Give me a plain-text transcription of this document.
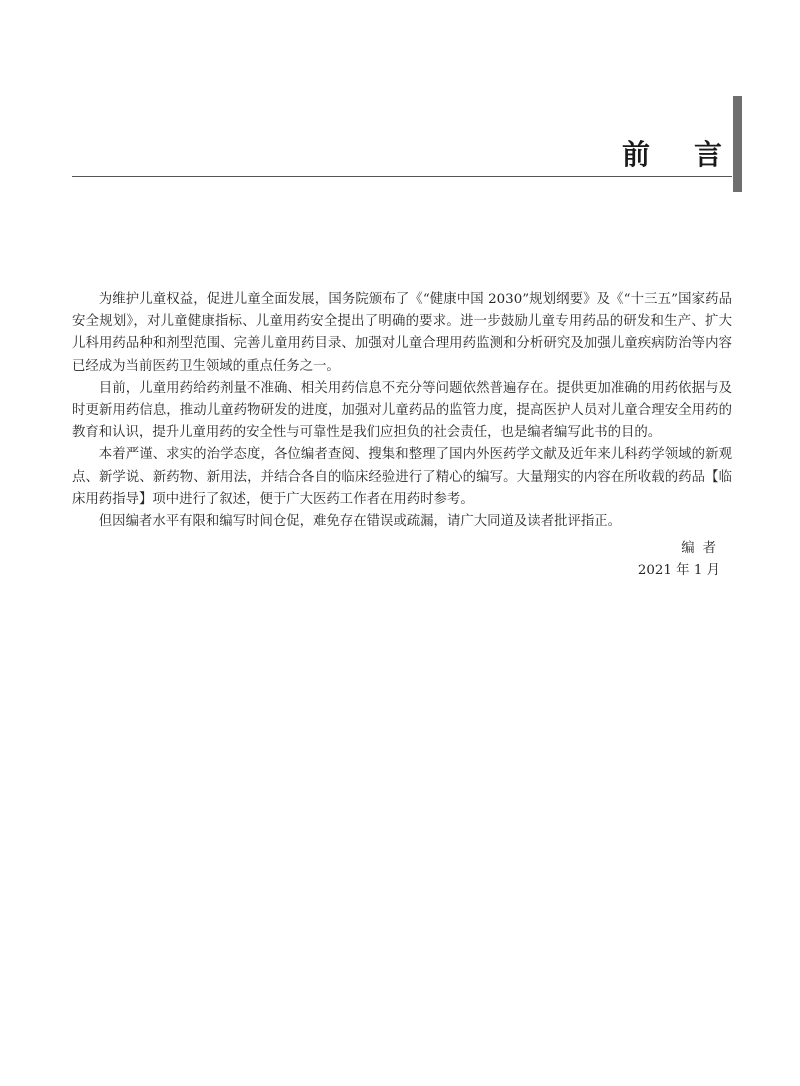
前言

为维护儿童权益，促进儿童全面发展，国务院颁布了《“健康中国 2030”规划纲要》及《“十三五”国家药品安全规划》，对儿童健康指标、儿童用药安全提出了明确的要求。进一步鼓励儿童专用药品的研发和生产、扩大儿科用药品种和剂型范围、完善儿童用药目录、加强对儿童合理用药监测和分析研究及加强儿童疾病防治等内容已经成为当前医药卫生领域的重点任务之一。

目前，儿童用药给药剂量不准确、相关用药信息不充分等问题依然普遍存在。提供更加准确的用药依据与及时更新用药信息，推动儿童药物研发的进度，加强对儿童药品的监管力度，提高医护人员对儿童合理安全用药的教育和认识，提升儿童用药的安全性与可靠性是我们应担负的社会责任，也是编者编写此书的目的。

本着严谨、求实的治学态度，各位编者查阅、搜集和整理了国内外医药学文献及近年来儿科药学领域的新观点、新学说、新药物、新用法，并结合各自的临床经验进行了精心的编写。大量翔实的内容在所收载的药品【临床用药指导】项中进行了叙述，便于广大医药工作者在用药时参考。

但因编者水平有限和编写时间仓促，难免存在错误或疏漏，请广大同道及读者批评指正。

编者
2021 年 1 月
